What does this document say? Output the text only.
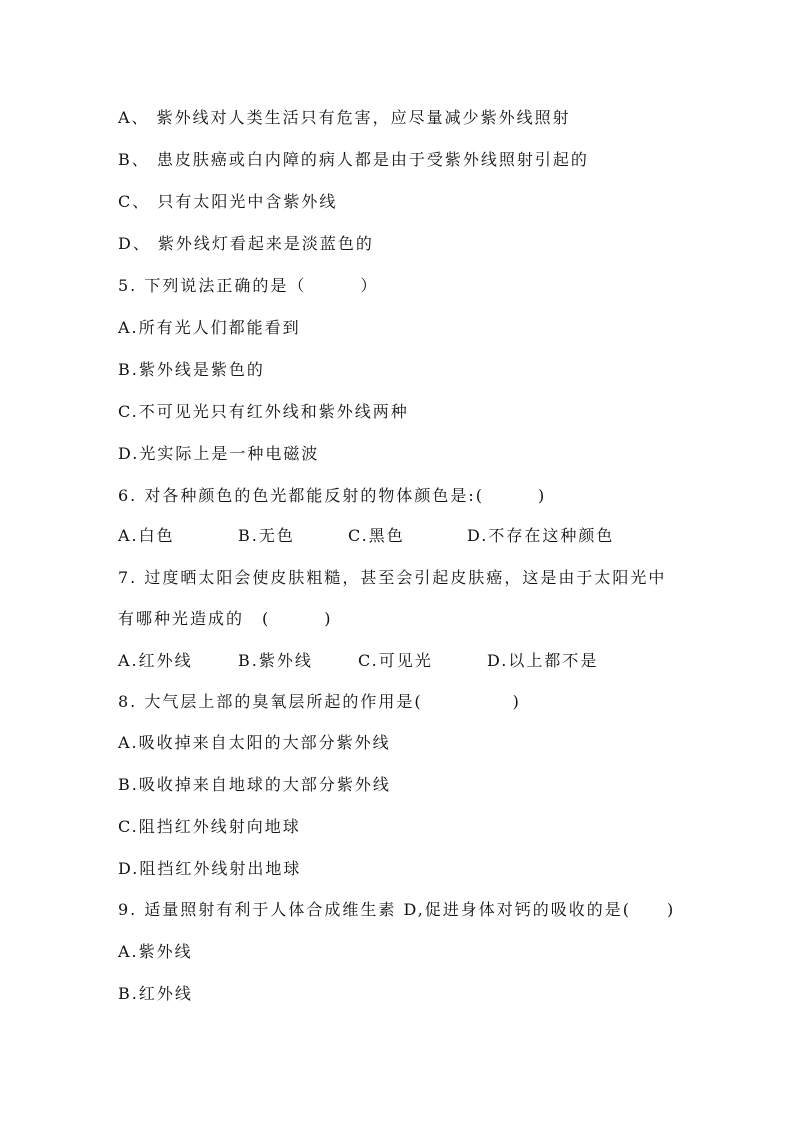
A、 紫外线对人类生活只有危害，应尽量减少紫外线照射
B、 患皮肤癌或白内障的病人都是由于受紫外线照射引起的
C、 只有太阳光中含紫外线
D、 紫外线灯看起来是淡蓝色的
5. 下列说法正确的是（　　　）
A.所有光人们都能看到
B.紫外线是紫色的
C.不可见光只有红外线和紫外线两种
D.光实际上是一种电磁波
6. 对各种颜色的色光都能反射的物体颜色是:(　　　)
A.白色	B.无色	C.黑色	D.不存在这种颜色
7. 过度晒太阳会使皮肤粗糙，甚至会引起皮肤癌，这是由于太阳光中
有哪种光造成的　(　　　)
A.红外线	B.紫外线	C.可见光	D.以上都不是
8. 大气层上部的臭氧层所起的作用是(　　　　　)
A.吸收掉来自太阳的大部分紫外线
B.吸收掉来自地球的大部分紫外线
C.阻挡红外线射向地球
D.阻挡红外线射出地球
9. 适量照射有利于人体合成维生素 D,促进身体对钙的吸收的是(　　)
A.紫外线
B.红外线
